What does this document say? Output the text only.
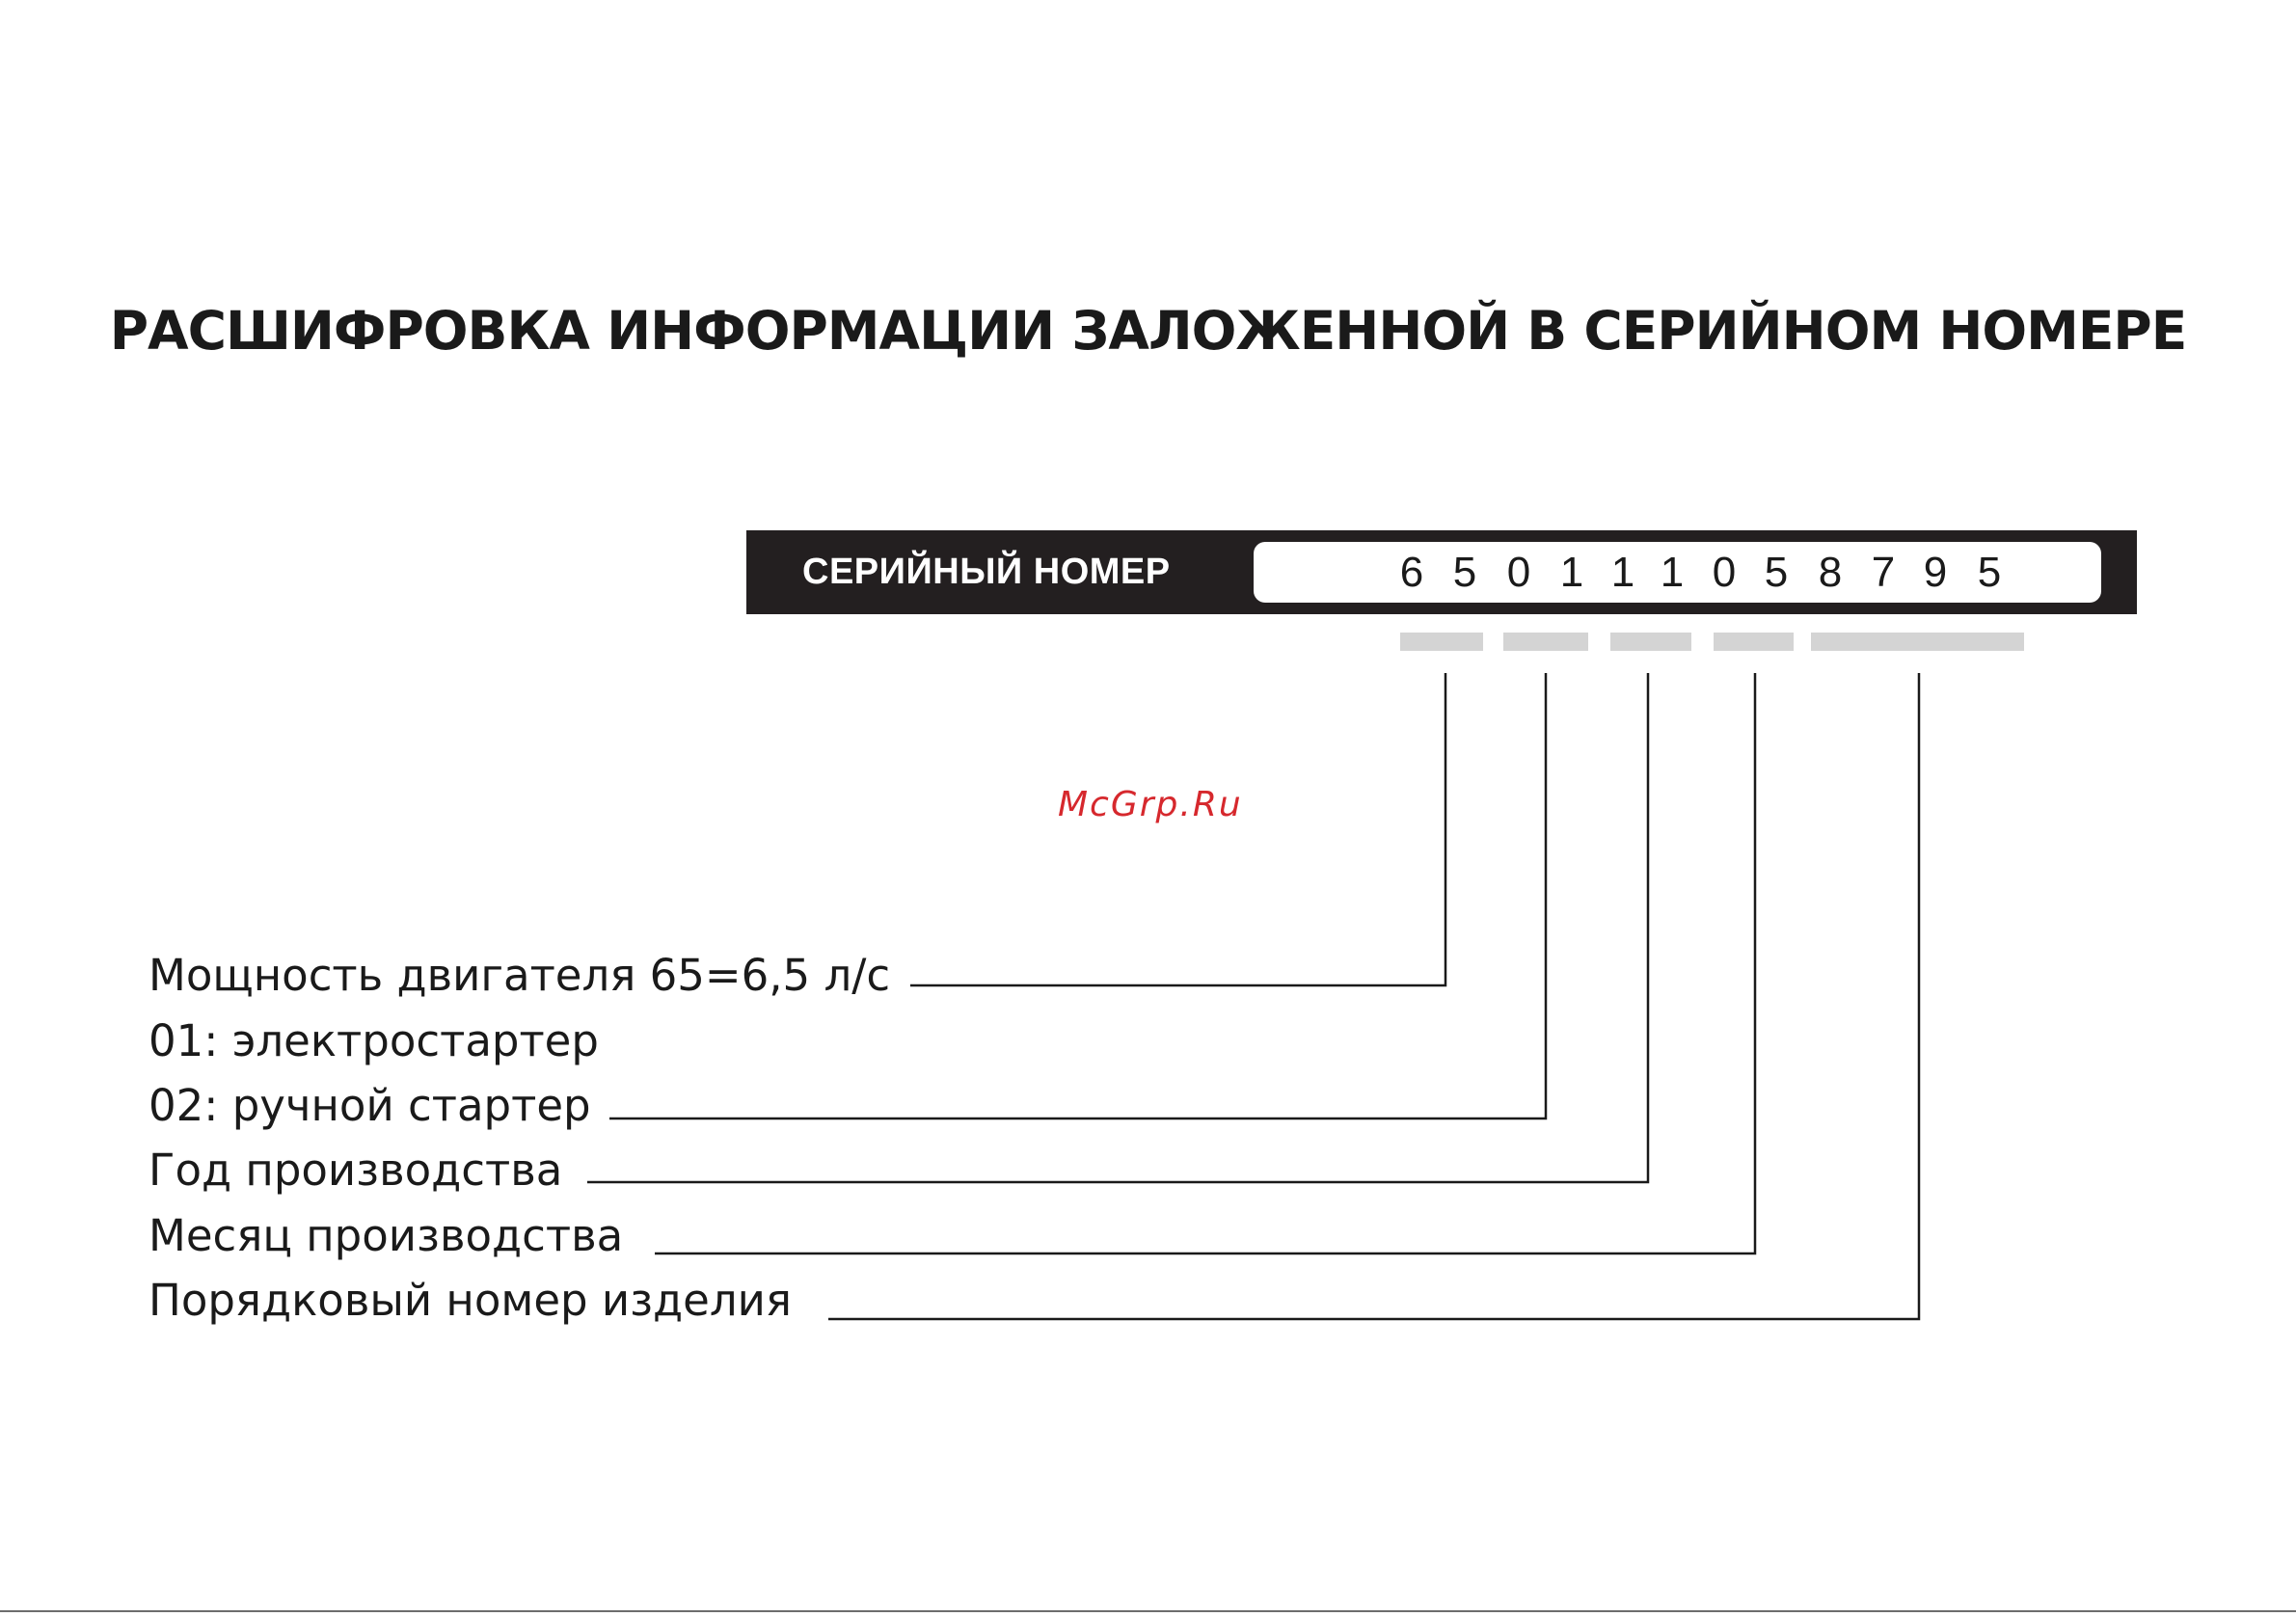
РАСШИФРОВКА ИНФОРМАЦИИ ЗАЛОЖЕННОЙ В СЕРИЙНОМ НОМЕРЕ
СЕРИЙНЫЙ НОМЕР	6 5 0 1 1 1 0 5 8 7 9 5
McGrp.Ru
Мощность двигателя 65=6,5 л/с
01: электростартер
02: ручной стартер
Год производства
Месяц производства
Порядковый номер изделия
